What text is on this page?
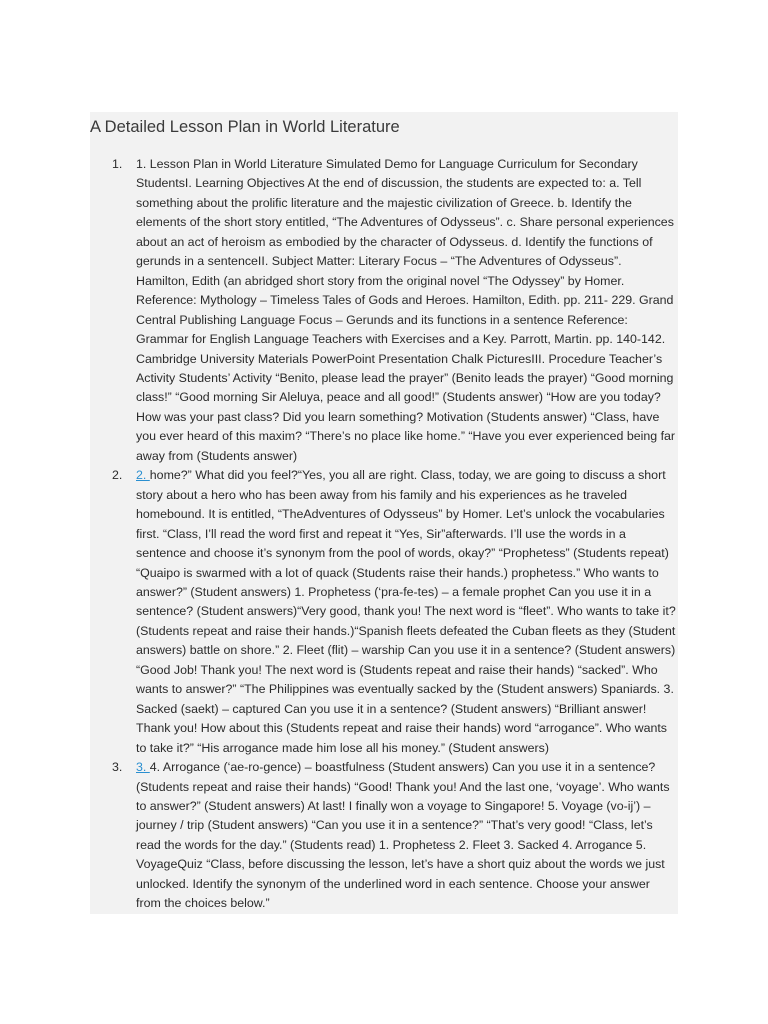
A Detailed Lesson Plan in World Literature
1. 1. Lesson Plan in World Literature Simulated Demo for Language Curriculum for Secondary StudentsI. Learning Objectives At the end of discussion, the students are expected to: a. Tell something about the prolific literature and the majestic civilization of Greece. b. Identify the elements of the short story entitled, “The Adventures of Odysseus”. c. Share personal experiences about an act of heroism as embodied by the character of Odysseus. d. Identify the functions of gerunds in a sentenceII. Subject Matter: Literary Focus – “The Adventures of Odysseus”. Hamilton, Edith (an abridged short story from the original novel “The Odyssey” by Homer. Reference: Mythology – Timeless Tales of Gods and Heroes. Hamilton, Edith. pp. 211- 229. Grand Central Publishing Language Focus – Gerunds and its functions in a sentence Reference: Grammar for English Language Teachers with Exercises and a Key. Parrott, Martin. pp. 140-142. Cambridge University Materials PowerPoint Presentation Chalk PicturesIII. Procedure Teacher’s Activity Students’ Activity “Benito, please lead the prayer” (Benito leads the prayer) “Good morning class!” “Good morning Sir Aleluya, peace and all good!” (Students answer) “How are you today? How was your past class? Did you learn something? Motivation (Students answer) “Class, have you ever heard of this maxim? “There’s no place like home.” “Have you ever experienced being far away from (Students answer)
2. 2. home?” What did you feel?“Yes, you all are right. Class, today, we are going to discuss a short story about a hero who has been away from his family and his experiences as he traveled homebound. It is entitled, “TheAdventures of Odysseus” by Homer. Let’s unlock the vocabularies first. “Class, I’ll read the word first and repeat it “Yes, Sir”afterwards. I’ll use the words in a sentence and choose it’s synonym from the pool of words, okay?” “Prophetess” (Students repeat) “Quaipo is swarmed with a lot of quack (Students raise their hands.) prophetess.” Who wants to answer?” (Student answers) 1. Prophetess (‘pra-fe-tes) – a female prophet Can you use it in a sentence? (Student answers)“Very good, thank you! The next word is “fleet”. Who wants to take it? (Students repeat and raise their hands.)“Spanish fleets defeated the Cuban fleets as they (Student answers) battle on shore.” 2. Fleet (flit) – warship Can you use it in a sentence? (Student answers) “Good Job! Thank you! The next word is (Students repeat and raise their hands) “sacked”. Who wants to answer?” “The Philippines was eventually sacked by the (Student answers) Spaniards. 3. Sacked (saekt) – captured Can you use it in a sentence? (Student answers) “Brilliant answer! Thank you! How about this (Students repeat and raise their hands) word “arrogance”. Who wants to take it?” “His arrogance made him lose all his money.” (Student answers)
3. 3. 4. Arrogance (‘ae-ro-gence) – boastfulness (Student answers) Can you use it in a sentence? (Students repeat and raise their hands) “Good! Thank you! And the last one, ‘voyage’. Who wants to answer?” (Student answers) At last! I finally won a voyage to Singapore! 5. Voyage (vo-ij’) – journey / trip (Student answers) “Can you use it in a sentence?” “That’s very good! “Class, let’s read the words for the day.” (Students read) 1. Prophetess 2. Fleet 3. Sacked 4. Arrogance 5. VoyageQuiz “Class, before discussing the lesson, let’s have a short quiz about the words we just unlocked. Identify the synonym of the underlined word in each sentence. Choose your answer from the choices below.”
